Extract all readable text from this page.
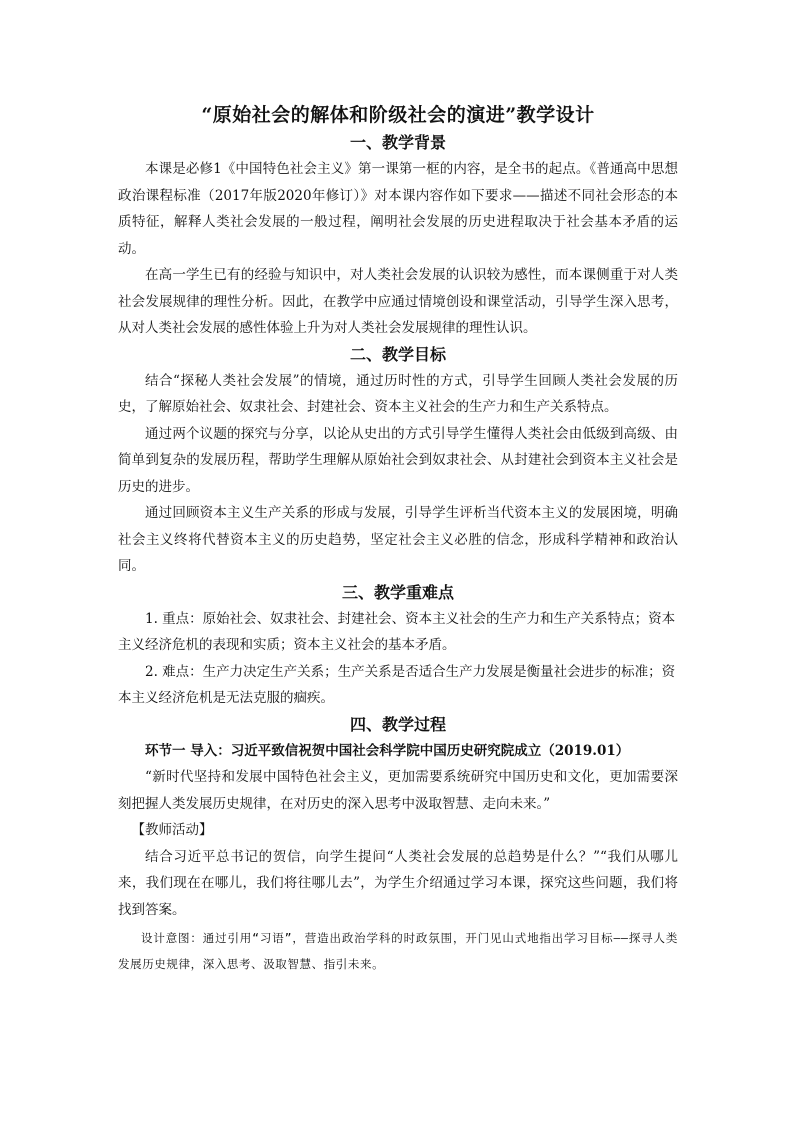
“原始社会的解体和阶级社会的演进”教学设计
一、教学背景

本课是必修1《中国特色社会主义》第一课第一框的内容，是全书的起点。《普通高中思想政治课程标准（2017年版2020年修订）》对本课内容作如下要求——描述不同社会形态的本质特征，解释人类社会发展的一般过程，阐明社会发展的历史进程取决于社会基本矛盾的运动。

在高一学生已有的经验与知识中，对人类社会发展的认识较为感性，而本课侧重于对人类社会发展规律的理性分析。因此，在教学中应通过情境创设和课堂活动，引导学生深入思考，从对人类社会发展的感性体验上升为对人类社会发展规律的理性认识。

二、教学目标

结合“探秘人类社会发展”的情境，通过历时性的方式，引导学生回顾人类社会发展的历史，了解原始社会、奴隶社会、封建社会、资本主义社会的生产力和生产关系特点。

通过两个议题的探究与分享，以论从史出的方式引导学生懂得人类社会由低级到高级、由简单到复杂的发展历程，帮助学生理解从原始社会到奴隶社会、从封建社会到资本主义社会是历史的进步。

通过回顾资本主义生产关系的形成与发展，引导学生评析当代资本主义的发展困境，明确社会主义终将代替资本主义的历史趋势，坚定社会主义必胜的信念，形成科学精神和政治认同。

三、教学重难点

1. 重点：原始社会、奴隶社会、封建社会、资本主义社会的生产力和生产关系特点；资本主义经济危机的表现和实质；资本主义社会的基本矛盾。

2. 难点：生产力决定生产关系；生产关系是否适合生产力发展是衡量社会进步的标准；资本主义经济危机是无法克服的痼疾。

四、教学过程

环节一 导入：习近平致信祝贺中国社会科学院中国历史研究院成立（2019.01）

“新时代坚持和发展中国特色社会主义，更加需要系统研究中国历史和文化，更加需要深刻把握人类发展历史规律，在对历史的深入思考中汲取智慧、走向未来。”

【教师活动】

结合习近平总书记的贺信，向学生提问“人类社会发展的总趋势是什么？”“我们从哪儿来，我们现在在哪儿，我们将往哪儿去”，为学生介绍通过学习本课，探究这些问题，我们将找到答案。

设计意图：通过引用“习语”，营造出政治学科的时政氛围，开门见山式地指出学习目标——探寻人类发展历史规律，深入思考、汲取智慧、指引未来。
